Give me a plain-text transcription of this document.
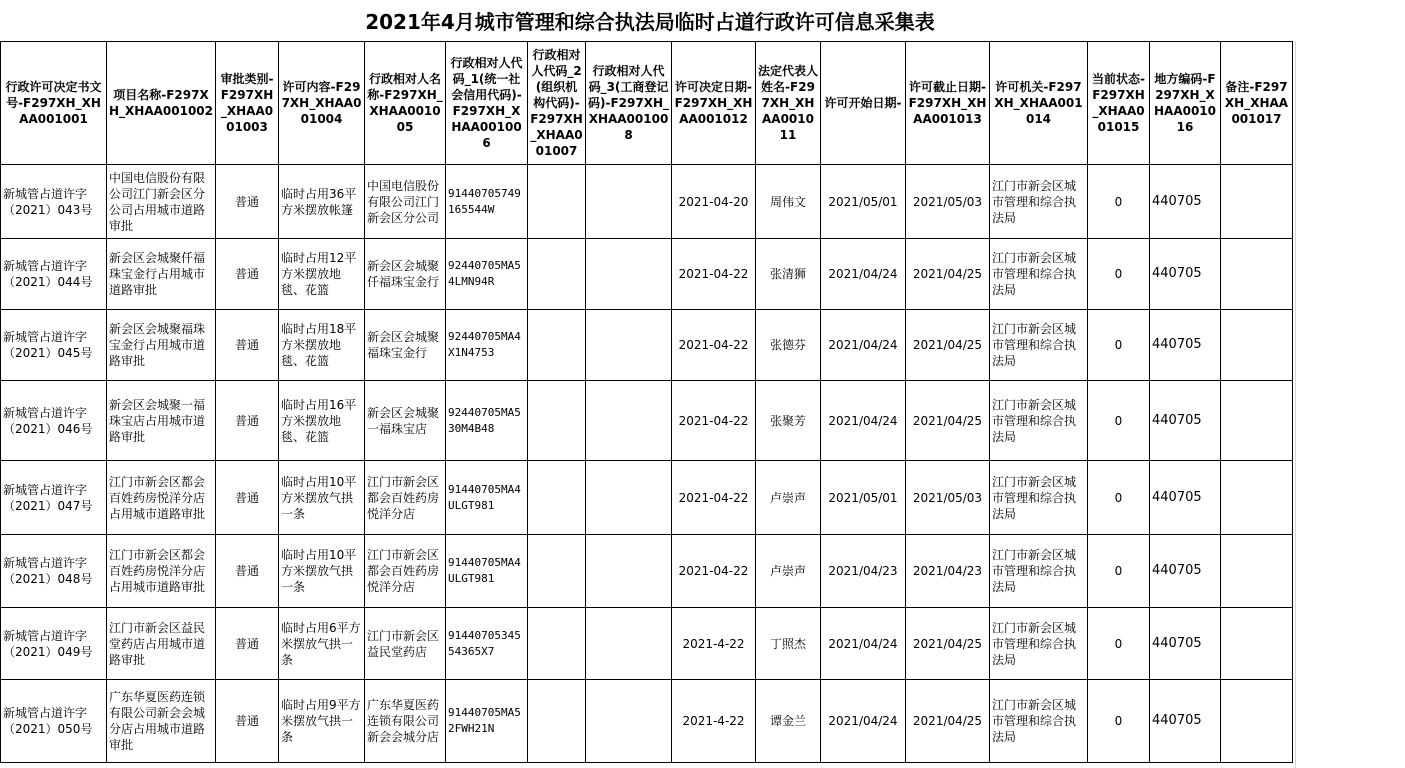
2021年4月城市管理和综合执法局临时占道行政许可信息采集表
行政许可决定书文号-F297XH_XHAA001001	项目名称-F297XH_XHAA001002	审批类别-F297XH_XHAA001003	许可内容-F297XH_XHAA001004	行政相对人名称-F297XH_XHAA001005	行政相对人代码_1(统一社会信用代码)-F297XH_XHAA001006	行政相对人代码_2(组织机构代码)-F297XH_XHAA001007	行政相对人代码_3(工商登记码)-F297XH_XHAA001008	许可决定日期-F297XH_XHAA001012	法定代表人姓名-F297XH_XHAA001011	许可开始日期-	许可截止日期-F297XH_XHAA001013	许可机关-F297XH_XHAA001014	当前状态-F297XH_XHAA001015	地方编码-F297XH_XHAA001016	备注-F297XH_XHAA001017
新城管占道许字（2021）043号	中国电信股份有限公司江门新会区分公司占用城市道路审批	普通	临时占用36平方米摆放帐篷	中国电信股份有限公司江门新会区分公司	91440705749165544W			2021-04-20	周伟文	2021/05/01	2021/05/03	江门市新会区城市管理和综合执法局	0	440705	
新城管占道许字（2021）044号	新会区会城聚仟福珠宝金行占用城市道路审批	普通	临时占用12平方米摆放地毯、花篮	新会区会城聚仟福珠宝金行	92440705MA54LMN94R			2021-04-22	张清狮	2021/04/24	2021/04/25	江门市新会区城市管理和综合执法局	0	440705	
新城管占道许字（2021）045号	新会区会城聚福珠宝金行占用城市道路审批	普通	临时占用18平方米摆放地毯、花篮	新会区会城聚福珠宝金行	92440705MA4X1N4753			2021-04-22	张德芬	2021/04/24	2021/04/25	江门市新会区城市管理和综合执法局	0	440705	
新城管占道许字（2021）046号	新会区会城聚一福珠宝店占用城市道路审批	普通	临时占用16平方米摆放地毯、花篮	新会区会城聚一福珠宝店	92440705MA530M4B48			2021-04-22	张聚芳	2021/04/24	2021/04/25	江门市新会区城市管理和综合执法局	0	440705	
新城管占道许字（2021）047号	江门市新会区都会百姓药房悦洋分店占用城市道路审批	普通	临时占用10平方米摆放气拱一条	江门市新会区都会百姓药房悦洋分店	91440705MA4ULGT981			2021-04-22	卢崇声	2021/05/01	2021/05/03	江门市新会区城市管理和综合执法局	0	440705	
新城管占道许字（2021）048号	江门市新会区都会百姓药房悦洋分店占用城市道路审批	普通	临时占用10平方米摆放气拱一条	江门市新会区都会百姓药房悦洋分店	91440705MA4ULGT981			2021-04-22	卢崇声	2021/04/23	2021/04/23	江门市新会区城市管理和综合执法局	0	440705	
新城管占道许字（2021）049号	江门市新会区益民堂药店占用城市道路审批	普通	临时占用6平方米摆放气拱一条	江门市新会区益民堂药店	9144070534554365X7			2021-4-22	丁照杰	2021/04/24	2021/04/25	江门市新会区城市管理和综合执法局	0	440705	
新城管占道许字（2021）050号	广东华夏医药连锁有限公司新会会城分店占用城市道路审批	普通	临时占用9平方米摆放气拱一条	广东华夏医药连锁有限公司新会会城分店	91440705MA52FWH21N			2021-4-22	谭金兰	2021/04/24	2021/04/25	江门市新会区城市管理和综合执法局	0	440705	
